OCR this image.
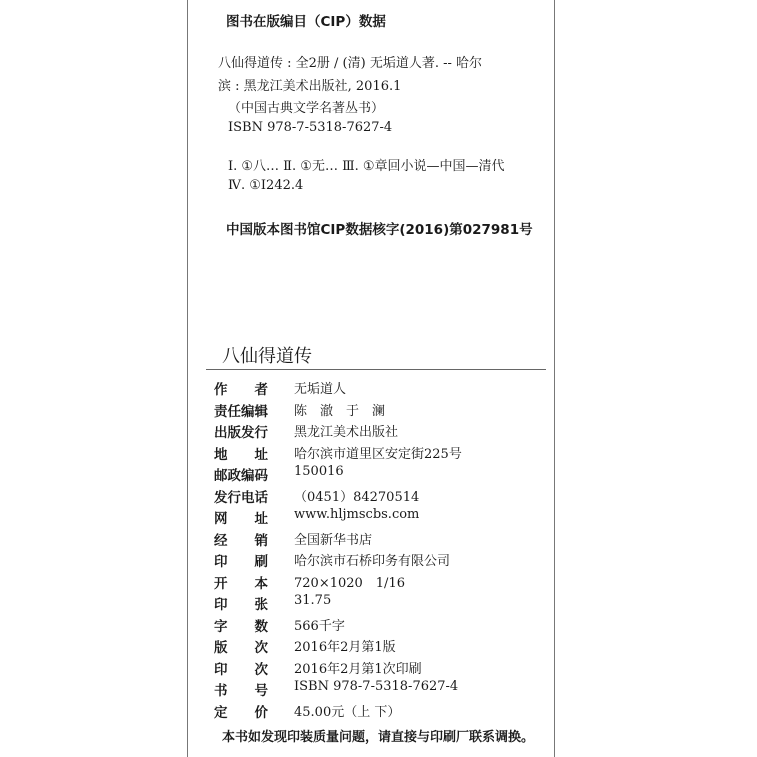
图书在版编目（CIP）数据
八仙得道传 : 全2册 / (清) 无垢道人著. -- 哈尔
滨 : 黑龙江美术出版社, 2016.1
（中国古典文学名著丛书）
ISBN 978-7-5318-7627-4
Ⅰ. ①八… Ⅱ. ①无… Ⅲ. ①章回小说—中国—清代
Ⅳ. ①I242.4
中国版本图书馆CIP数据核字(2016)第027981号
八仙得道传
作　　者 无垢道人
责任编辑 陈　澈　于　澜
出版发行 黑龙江美术出版社
地　　址 哈尔滨市道里区安定街225号
邮政编码 150016
发行电话 （0451）84270514
网　　址 www.hljmscbs.com
经　　销 全国新华书店
印　　刷 哈尔滨市石桥印务有限公司
开　　本 720×1020　1/16
印　　张 31.75
字　　数 566千字
版　　次 2016年2月第1版
印　　次 2016年2月第1次印刷
书　　号 ISBN 978-7-5318-7627-4
定　　价 45.00元（上 下）
本书如发现印装质量问题，请直接与印刷厂联系调换。
